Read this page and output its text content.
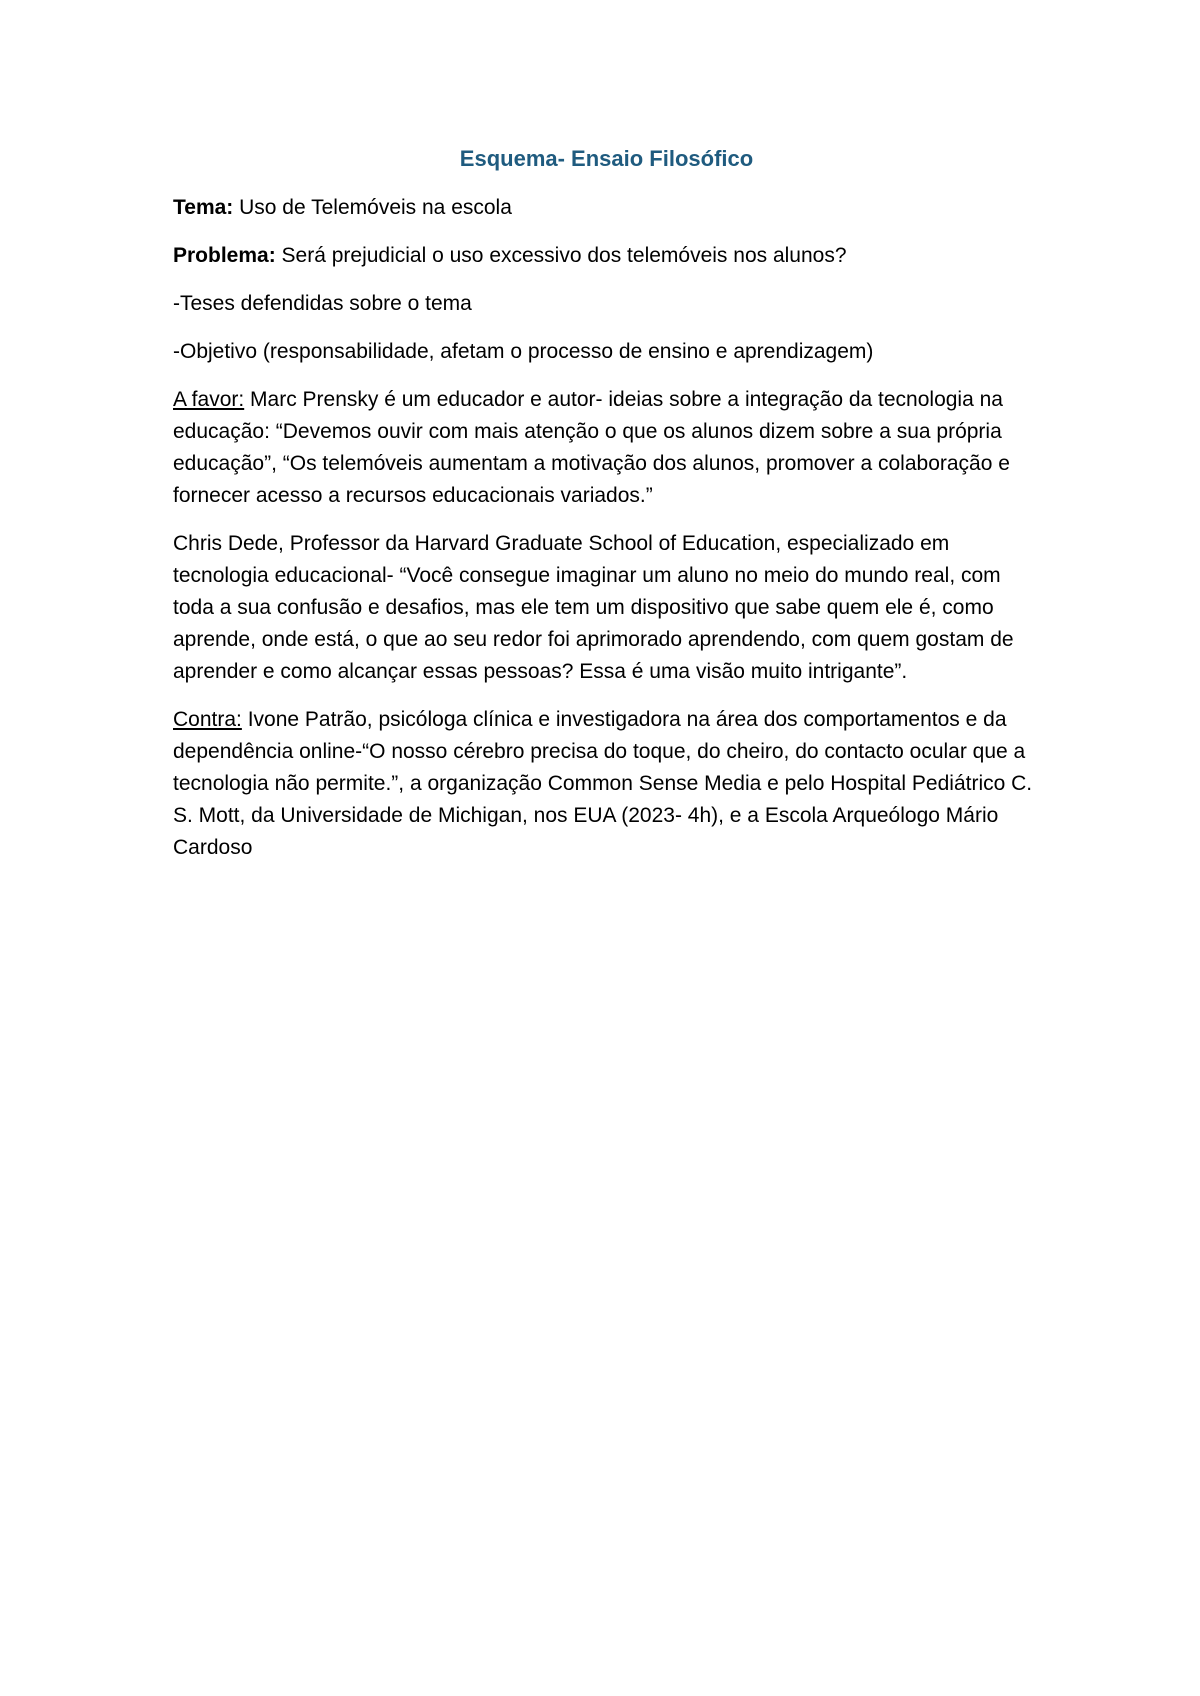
Esquema- Ensaio Filosófico

Tema: Uso de Telemóveis na escola

Problema: Será prejudicial o uso excessivo dos telemóveis nos alunos?

-Teses defendidas sobre o tema

-Objetivo (responsabilidade, afetam o processo de ensino e aprendizagem)

A favor: Marc Prensky é um educador e autor- ideias sobre a integração da tecnologia na educação: “Devemos ouvir com mais atenção o que os alunos dizem sobre a sua própria educação”, “Os telemóveis aumentam a motivação dos alunos, promover a colaboração e fornecer acesso a recursos educacionais variados.”

Chris Dede, Professor da Harvard Graduate School of Education, especializado em tecnologia educacional- “Você consegue imaginar um aluno no meio do mundo real, com toda a sua confusão e desafios, mas ele tem um dispositivo que sabe quem ele é, como aprende, onde está, o que ao seu redor foi aprimorado aprendendo, com quem gostam de aprender e como alcançar essas pessoas? Essa é uma visão muito intrigante”.

Contra: Ivone Patrão, psicóloga clínica e investigadora na área dos comportamentos e da dependência online-“O nosso cérebro precisa do toque, do cheiro, do contacto ocular que a tecnologia não permite.”, a organização Common Sense Media e pelo Hospital Pediátrico C. S. Mott, da Universidade de Michigan, nos EUA (2023- 4h), e a Escola Arqueólogo Mário Cardoso
